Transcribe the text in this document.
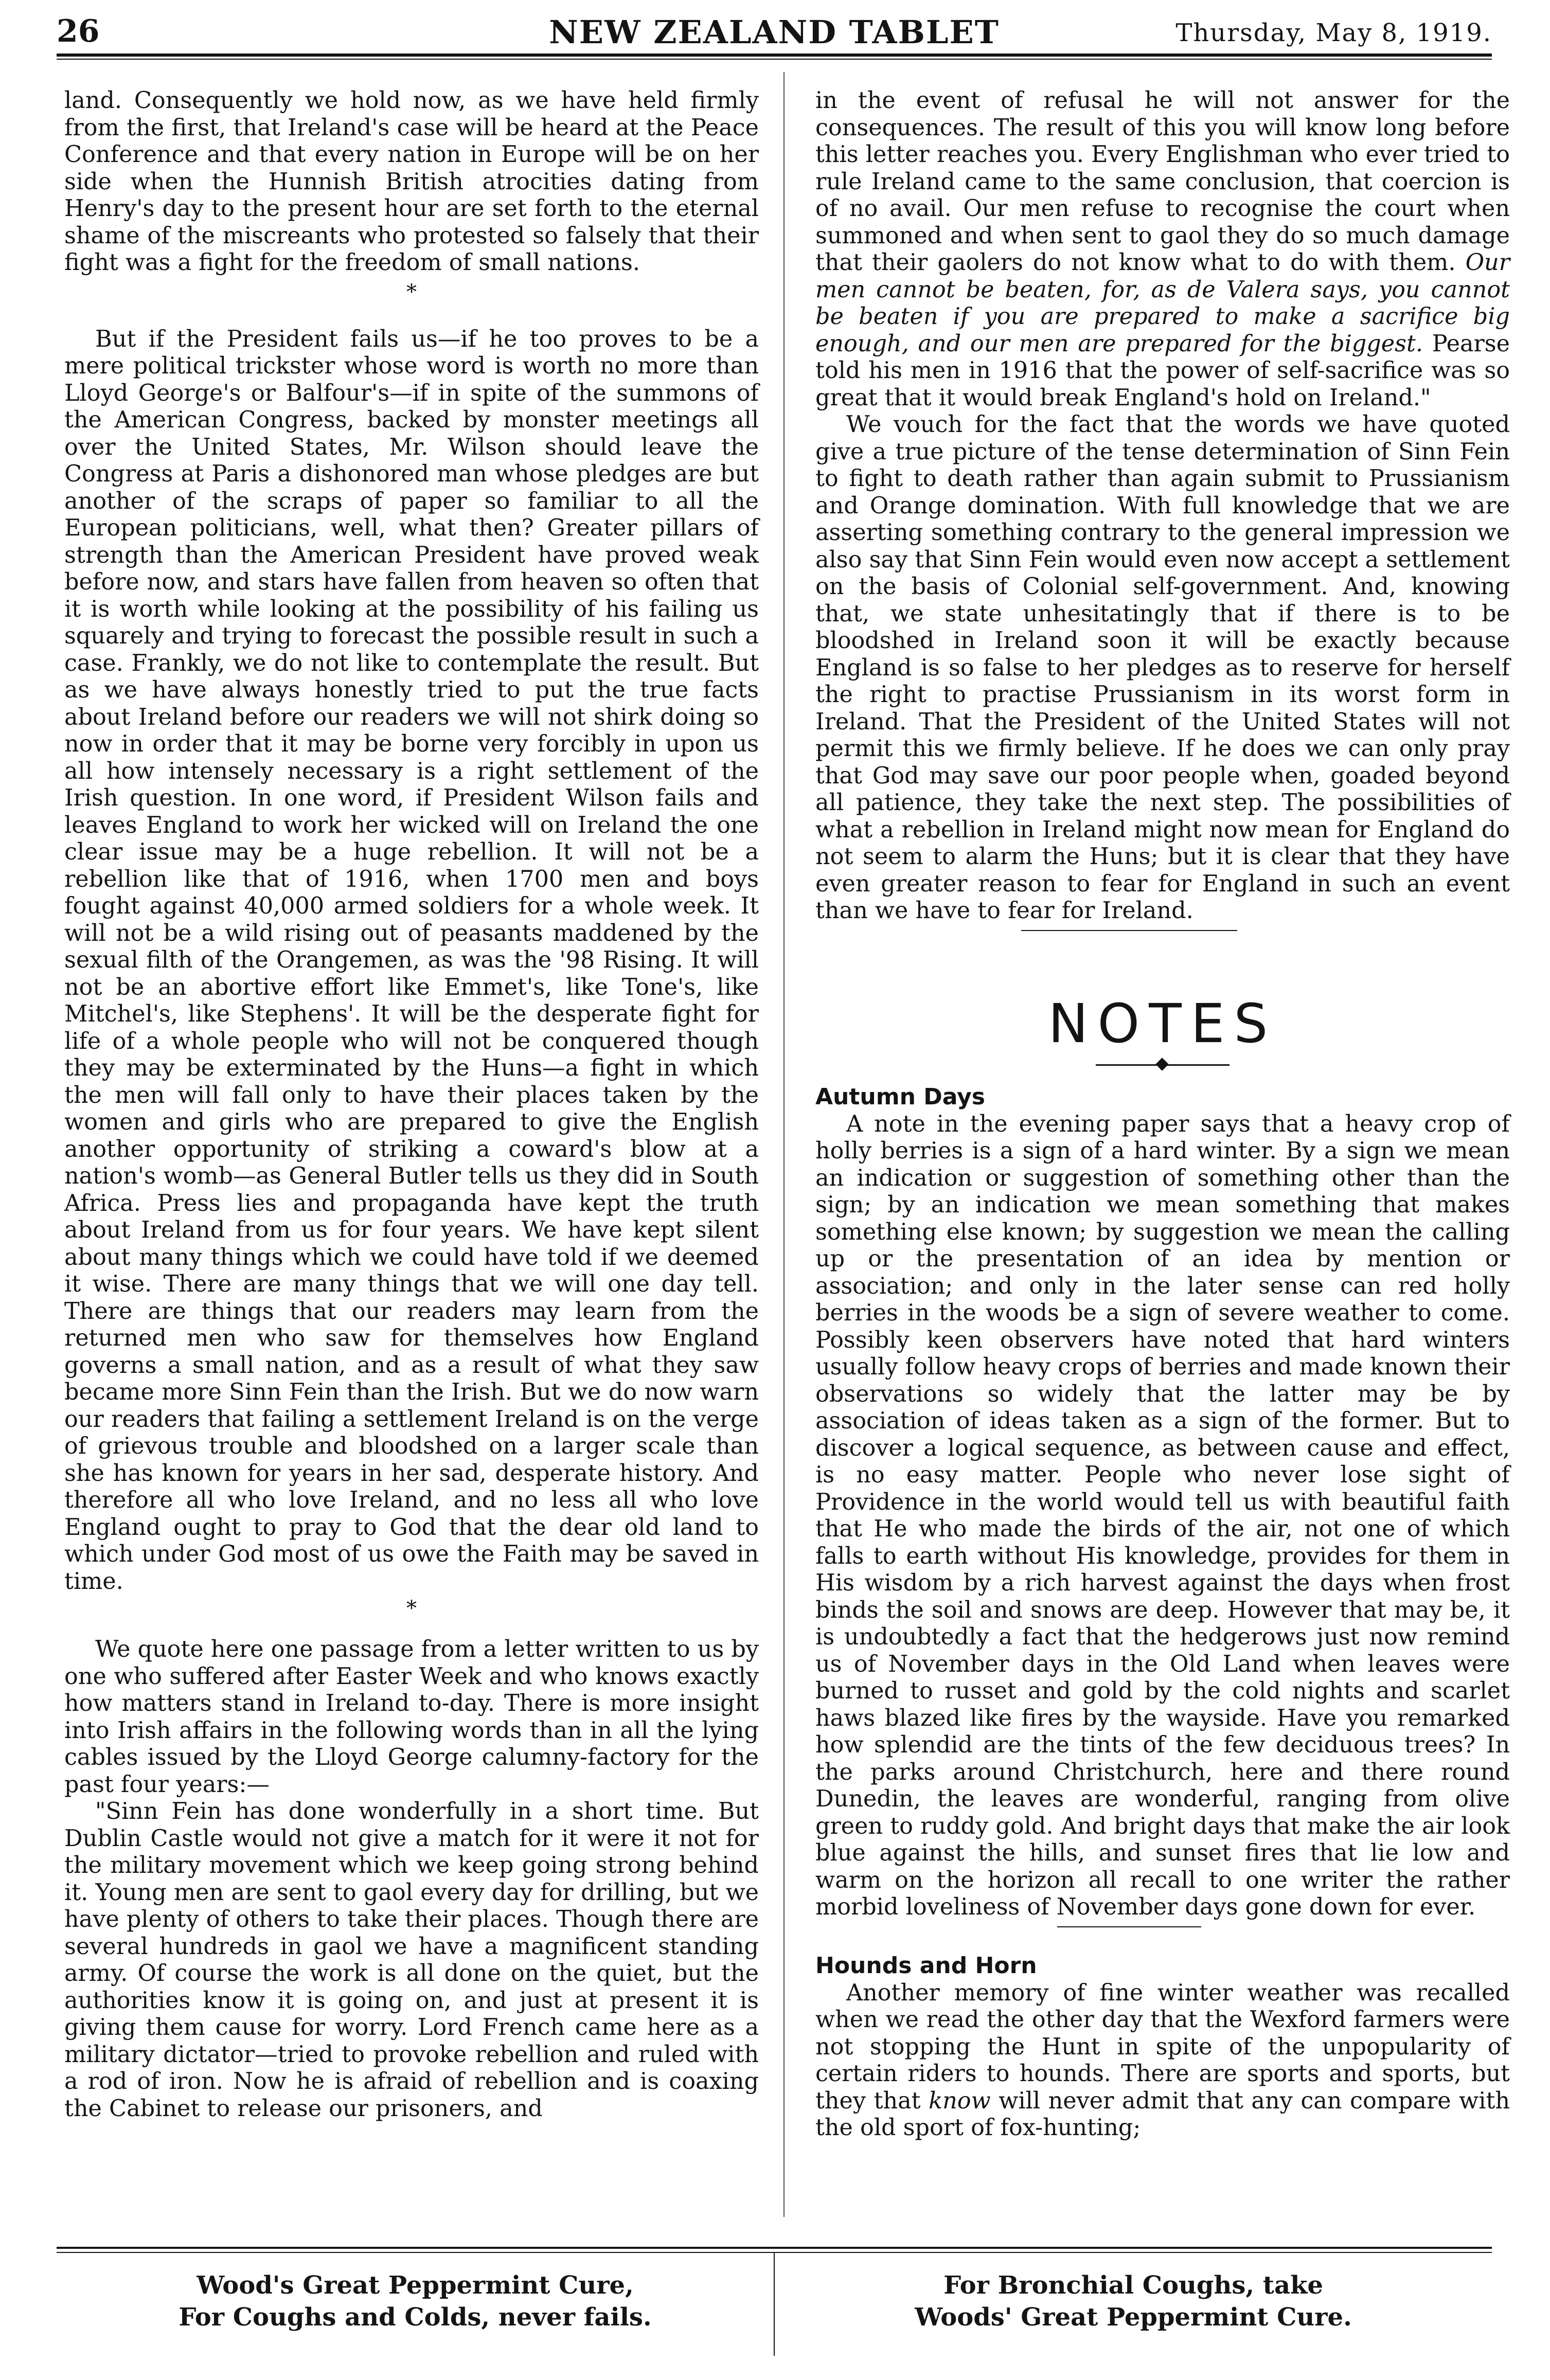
26	NEW ZEALAND TABLET	Thursday, May 8, 1919.

land. Consequently we hold now, as we have held firmly from the first, that Ireland's case will be heard at the Peace Conference and that every nation in Europe will be on her side when the Hunnish British atrocities dating from Henry's day to the present hour are set forth to the eternal shame of the miscreants who protested so falsely that their fight was a fight for the freedom of small nations.

*

But if the President fails us—if he too proves to be a mere political trickster whose word is worth no more than Lloyd George's or Balfour's—if in spite of the summons of the American Congress, backed by monster meetings all over the United States, Mr. Wilson should leave the Congress at Paris a dishonored man whose pledges are but another of the scraps of paper so familiar to all the European politicians, well, what then? Greater pillars of strength than the American President have proved weak before now, and stars have fallen from heaven so often that it is worth while looking at the possibility of his failing us squarely and trying to forecast the possible result in such a case. Frankly, we do not like to contemplate the result. But as we have always honestly tried to put the true facts about Ireland before our readers we will not shirk doing so now in order that it may be borne very forcibly in upon us all how intensely necessary is a right settlement of the Irish question. In one word, if President Wilson fails and leaves England to work her wicked will on Ireland the one clear issue may be a huge rebellion. It will not be a rebellion like that of 1916, when 1700 men and boys fought against 40,000 armed soldiers for a whole week. It will not be a wild rising out of peasants maddened by the sexual filth of the Orangemen, as was the '98 Rising. It will not be an abortive effort like Emmet's, like Tone's, like Mitchel's, like Stephens'. It will be the desperate fight for life of a whole people who will not be conquered though they may be exterminated by the Huns—a fight in which the men will fall only to have their places taken by the women and girls who are prepared to give the English another opportunity of striking a coward's blow at a nation's womb—as General Butler tells us they did in South Africa. Press lies and propaganda have kept the truth about Ireland from us for four years. We have kept silent about many things which we could have told if we deemed it wise. There are many things that we will one day tell. There are things that our readers may learn from the returned men who saw for themselves how England governs a small nation, and as a result of what they saw became more Sinn Fein than the Irish. But we do now warn our readers that failing a settlement Ireland is on the verge of grievous trouble and bloodshed on a larger scale than she has known for years in her sad, desperate history. And therefore all who love Ireland, and no less all who love England ought to pray to God that the dear old land to which under God most of us owe the Faith may be saved in time.

*

We quote here one passage from a letter written to us by one who suffered after Easter Week and who knows exactly how matters stand in Ireland to-day. There is more insight into Irish affairs in the following words than in all the lying cables issued by the Lloyd George calumny-factory for the past four years:—

"Sinn Fein has done wonderfully in a short time. But Dublin Castle would not give a match for it were it not for the military movement which we keep going strong behind it. Young men are sent to gaol every day for drilling, but we have plenty of others to take their places. Though there are several hundreds in gaol we have a magnificent standing army. Of course the work is all done on the quiet, but the authorities know it is going on, and just at present it is giving them cause for worry. Lord French came here as a military dictator—tried to provoke rebellion and ruled with a rod of iron. Now he is afraid of rebellion and is coaxing the Cabinet to release our prisoners, and

in the event of refusal he will not answer for the consequences. The result of this you will know long before this letter reaches you. Every Englishman who ever tried to rule Ireland came to the same conclusion, that coercion is of no avail. Our men refuse to recognise the court when summoned and when sent to gaol they do so much damage that their gaolers do not know what to do with them. Our men cannot be beaten, for, as de Valera says, you cannot be beaten if you are prepared to make a sacrifice big enough, and our men are prepared for the biggest. Pearse told his men in 1916 that the power of self-sacrifice was so great that it would break England's hold on Ireland."

We vouch for the fact that the words we have quoted give a true picture of the tense determination of Sinn Fein to fight to death rather than again submit to Prussianism and Orange domination. With full knowledge that we are asserting something contrary to the general impression we also say that Sinn Fein would even now accept a settlement on the basis of Colonial self-government. And, knowing that, we state unhesitatingly that if there is to be bloodshed in Ireland soon it will be exactly because England is so false to her pledges as to reserve for herself the right to practise Prussianism in its worst form in Ireland. That the President of the United States will not permit this we firmly believe. If he does we can only pray that God may save our poor people when, goaded beyond all patience, they take the next step. The possibilities of what a rebellion in Ireland might now mean for England do not seem to alarm the Huns; but it is clear that they have even greater reason to fear for England in such an event than we have to fear for Ireland.

NOTES
Autumn Days

A note in the evening paper says that a heavy crop of holly berries is a sign of a hard winter. By a sign we mean an indication or suggestion of something other than the sign; by an indication we mean something that makes something else known; by suggestion we mean the calling up or the presentation of an idea by mention or association; and only in the later sense can red holly berries in the woods be a sign of severe weather to come. Possibly keen observers have noted that hard winters usually follow heavy crops of berries and made known their observations so widely that the latter may be by association of ideas taken as a sign of the former. But to discover a logical sequence, as between cause and effect, is no easy matter. People who never lose sight of Providence in the world would tell us with beautiful faith that He who made the birds of the air, not one of which falls to earth without His knowledge, provides for them in His wisdom by a rich harvest against the days when frost binds the soil and snows are deep. However that may be, it is undoubtedly a fact that the hedgerows just now remind us of November days in the Old Land when leaves were burned to russet and gold by the cold nights and scarlet haws blazed like fires by the wayside. Have you remarked how splendid are the tints of the few deciduous trees? In the parks around Christchurch, here and there round Dunedin, the leaves are wonderful, ranging from olive green to ruddy gold. And bright days that make the air look blue against the hills, and sunset fires that lie low and warm on the horizon all recall to one writer the rather morbid loveliness of November days gone down for ever.

Hounds and Horn

Another memory of fine winter weather was recalled when we read the other day that the Wexford farmers were not stopping the Hunt in spite of the unpopularity of certain riders to hounds. There are sports and sports, but they that know will never admit that any can compare with the old sport of fox-hunting;

Wood's Great Peppermint Cure,
For Coughs and Colds, never fails.
For Bronchial Coughs, take
Woods' Great Peppermint Cure.
